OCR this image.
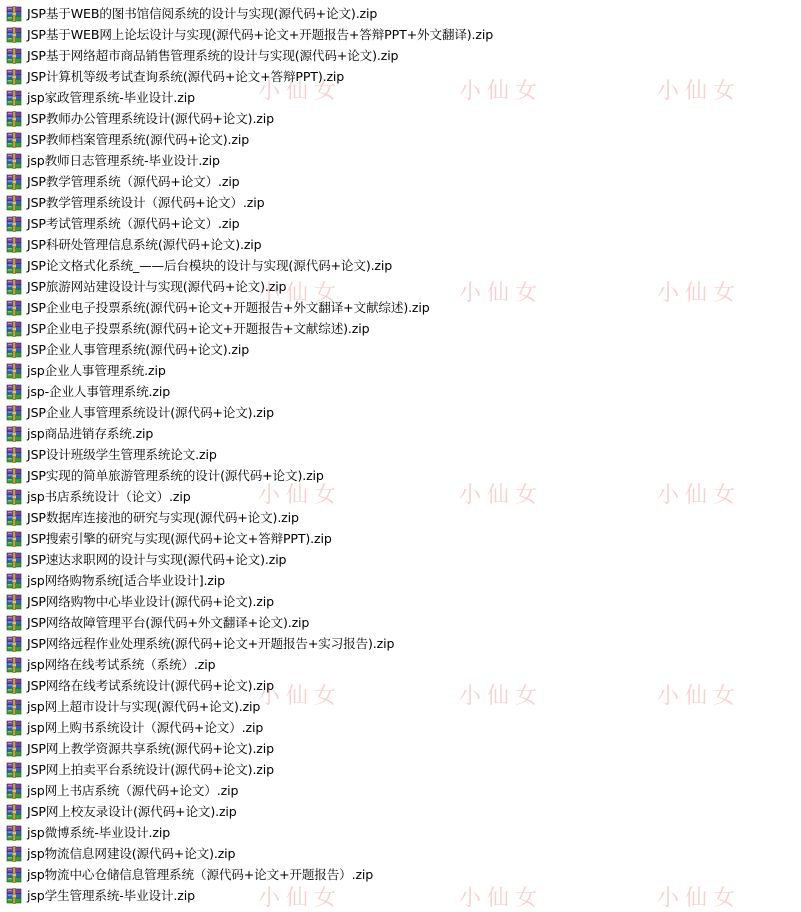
JSP基于WEB的图书馆信阅系统的设计与实现(源代码+论文).zip
JSP基于WEB网上论坛设计与实现(源代码+论文+开题报告+答辩PPT+外文翻译).zip
JSP基于网络超市商品销售管理系统的设计与实现(源代码+论文).zip
JSP计算机等级考试查询系统(源代码+论文+答辩PPT).zip
jsp家政管理系统-毕业设计.zip
JSP教师办公管理系统设计(源代码+论文).zip
JSP教师档案管理系统(源代码+论文).zip
jsp教师日志管理系统-毕业设计.zip
JSP教学管理系统（源代码+论文）.zip
JSP教学管理系统设计（源代码+论文）.zip
JSP考试管理系统（源代码+论文）.zip
JSP科研处管理信息系统(源代码+论文).zip
JSP论文格式化系统_——后台模块的设计与实现(源代码+论文).zip
JSP旅游网站建设设计与实现(源代码+论文).zip
JSP企业电子投票系统(源代码+论文+开题报告+外文翻译+文献综述).zip
JSP企业电子投票系统(源代码+论文+开题报告+文献综述).zip
JSP企业人事管理系统(源代码+论文).zip
jsp企业人事管理系统.zip
jsp-企业人事管理系统.zip
JSP企业人事管理系统设计(源代码+论文).zip
jsp商品进销存系统.zip
JSP设计班级学生管理系统论文.zip
JSP实现的简单旅游管理系统的设计(源代码+论文).zip
jsp书店系统设计（论文）.zip
JSP数据库连接池的研究与实现(源代码+论文).zip
JSP搜索引擎的研究与实现(源代码+论文+答辩PPT).zip
JSP速达求职网的设计与实现(源代码+论文).zip
jsp网络购物系统[适合毕业设计].zip
JSP网络购物中心毕业设计(源代码+论文).zip
JSP网络故障管理平台(源代码+外文翻译+论文).zip
JSP网络远程作业处理系统(源代码+论文+开题报告+实习报告).zip
jsp网络在线考试系统（系统）.zip
JSP网络在线考试系统设计(源代码+论文).zip
jsp网上超市设计与实现(源代码+论文).zip
jsp网上购书系统设计（源代码+论文）.zip
JSP网上教学资源共享系统(源代码+论文).zip
JSP网上拍卖平台系统设计(源代码+论文).zip
jsp网上书店系统（源代码+论文）.zip
JSP网上校友录设计(源代码+论文).zip
jsp微博系统-毕业设计.zip
jsp物流信息网建设(源代码+论文).zip
jsp物流中心仓储信息管理系统（源代码+论文+开题报告）.zip
jsp学生管理系统-毕业设计.zip
小仙女	小仙女	小仙女
小仙女	小仙女	小仙女
小仙女	小仙女	小仙女
小仙女	小仙女	小仙女
小仙女	小仙女	小仙女
